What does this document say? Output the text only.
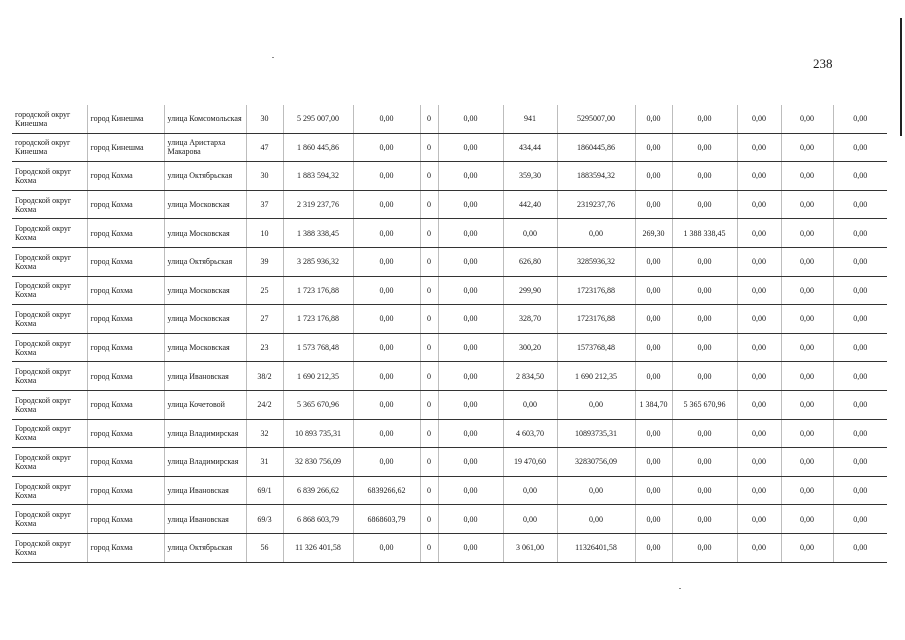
238
городской округ Кинешма	город Кинешма	улица Комсомольская	30	5 295 007,00	0,00	0	0,00	941	5295007,00	0,00	0,00	0,00	0,00	0,00
городской округ Кинешма	город Кинешма	улица Аристарха Макарова	47	1 860 445,86	0,00	0	0,00	434,44	1860445,86	0,00	0,00	0,00	0,00	0,00
Городской округ Кохма	город Кохма	улица Октябрьская	30	1 883 594,32	0,00	0	0,00	359,30	1883594,32	0,00	0,00	0,00	0,00	0,00
Городской округ Кохма	город Кохма	улица Московская	37	2 319 237,76	0,00	0	0,00	442,40	2319237,76	0,00	0,00	0,00	0,00	0,00
Городской округ Кохма	город Кохма	улица Московская	10	1 388 338,45	0,00	0	0,00	0,00	0,00	269,30	1 388 338,45	0,00	0,00	0,00
Городской округ Кохма	город Кохма	улица Октябрьская	39	3 285 936,32	0,00	0	0,00	626,80	3285936,32	0,00	0,00	0,00	0,00	0,00
Городской округ Кохма	город Кохма	улица Московская	25	1 723 176,88	0,00	0	0,00	299,90	1723176,88	0,00	0,00	0,00	0,00	0,00
Городской округ Кохма	город Кохма	улица Московская	27	1 723 176,88	0,00	0	0,00	328,70	1723176,88	0,00	0,00	0,00	0,00	0,00
Городской округ Кохма	город Кохма	улица Московская	23	1 573 768,48	0,00	0	0,00	300,20	1573768,48	0,00	0,00	0,00	0,00	0,00
Городской округ Кохма	город Кохма	улица Ивановская	38/2	1 690 212,35	0,00	0	0,00	2 834,50	1 690 212,35	0,00	0,00	0,00	0,00	0,00
Городской округ Кохма	город Кохма	улица Кочетовой	24/2	5 365 670,96	0,00	0	0,00	0,00	0,00	1 384,70	5 365 670,96	0,00	0,00	0,00
Городской округ Кохма	город Кохма	улица Владимирская	32	10 893 735,31	0,00	0	0,00	4 603,70	10893735,31	0,00	0,00	0,00	0,00	0,00
Городской округ Кохма	город Кохма	улица Владимирская	31	32 830 756,09	0,00	0	0,00	19 470,60	32830756,09	0,00	0,00	0,00	0,00	0,00
Городской округ Кохма	город Кохма	улица Ивановская	69/1	6 839 266,62	6839266,62	0	0,00	0,00	0,00	0,00	0,00	0,00	0,00	0,00
Городской округ Кохма	город Кохма	улица Ивановская	69/3	6 868 603,79	6868603,79	0	0,00	0,00	0,00	0,00	0,00	0,00	0,00	0,00
Городской округ Кохма	город Кохма	улица Октябрьская	56	11 326 401,58	0,00	0	0,00	3 061,00	11326401,58	0,00	0,00	0,00	0,00	0,00
